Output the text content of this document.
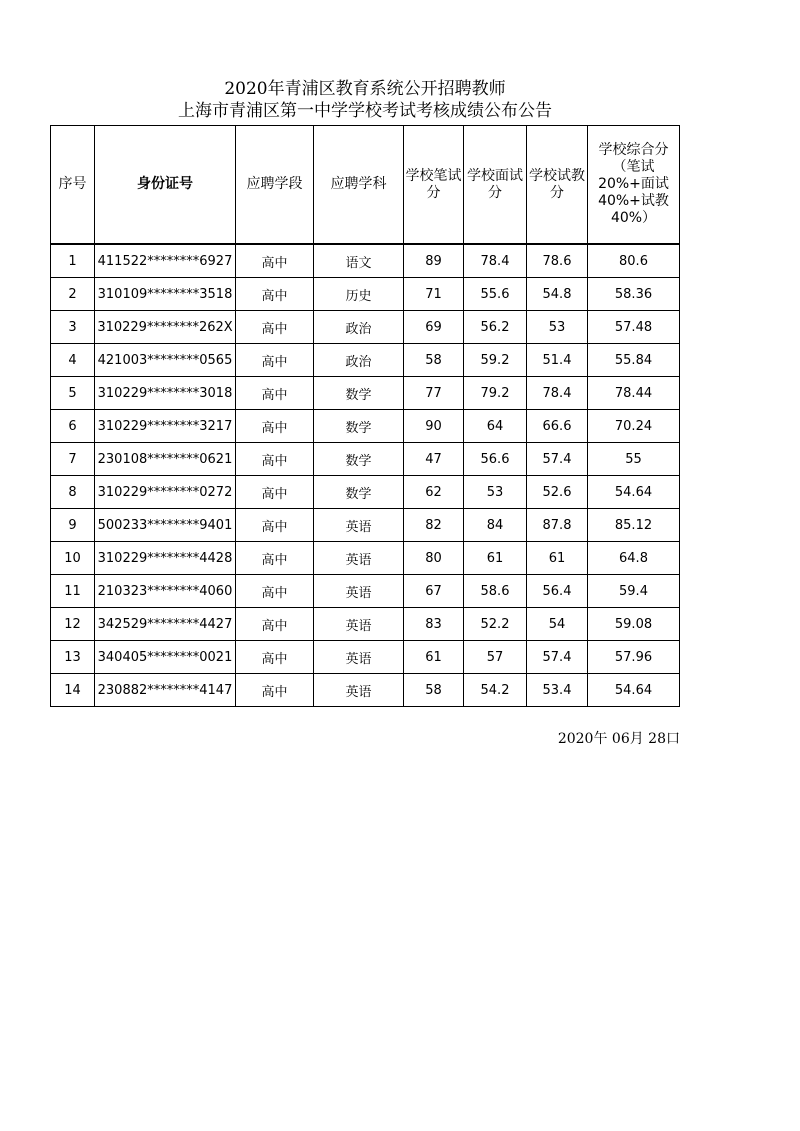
2020年青浦区教育系统公开招聘教师
上海市青浦区第一中学学校考试考核成绩公布公告
序号	身份证号	应聘学段	应聘学科	学校笔试分	学校面试分	学校试教分	学校综合分（笔试20%+面试40%+试教40%）
1	411522********6927	高中	语文	89	78.4	78.6	80.6
2	310109********3518	高中	历史	71	55.6	54.8	58.36
3	310229********262X	高中	政治	69	56.2	53	57.48
4	421003********0565	高中	政治	58	59.2	51.4	55.84
5	310229********3018	高中	数学	77	79.2	78.4	78.44
6	310229********3217	高中	数学	90	64	66.6	70.24
7	230108********0621	高中	数学	47	56.6	57.4	55
8	310229********0272	高中	数学	62	53	52.6	54.64
9	500233********9401	高中	英语	82	84	87.8	85.12
10	310229********4428	高中	英语	80	61	61	64.8
11	210323********4060	高中	英语	67	58.6	56.4	59.4
12	342529********4427	高中	英语	83	52.2	54	59.08
13	340405********0021	高中	英语	61	57	57.4	57.96
14	230882********4147	高中	英语	58	54.2	53.4	54.64
2020午 06月 28口
